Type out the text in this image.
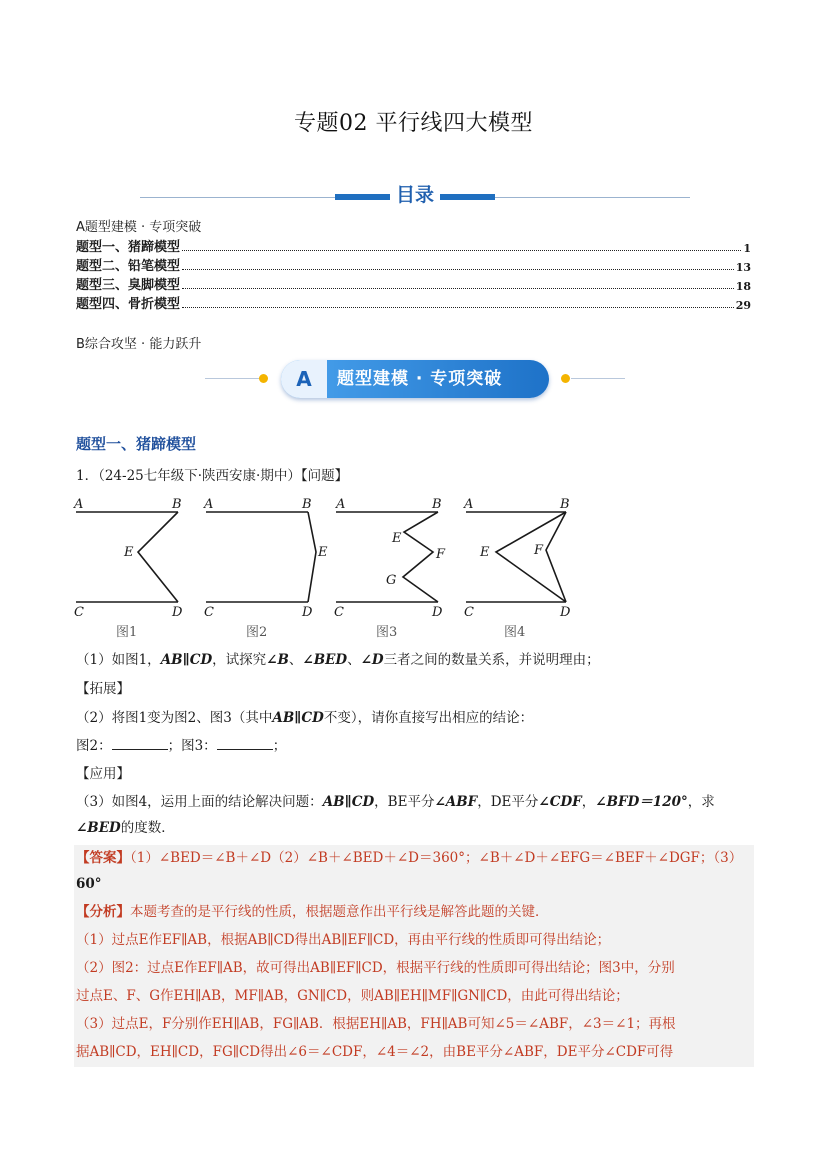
专题02 平行线四大模型
目录
A题型建模 · 专项突破
题型一、猪蹄模型	1
题型二、铅笔模型	13
题型三、臭脚模型	18
题型四、骨折模型	29
B综合攻坚 · 能力跃升
A	题型建模 · 专项突破
题型一、猪蹄模型
1．（24-25七年级下·陕西安康·期中）【问题】
A	B
E
C	D
A	B
E
C	D
A	B
E
F
G
C	D
A	B
E	F
C	D
图1	图2	图3	图4
（1）如图1，AB∥CD，试探究∠B、∠BED、∠D三者之间的数量关系，并说明理由；
【拓展】
（2）将图1变为图2、图3（其中AB∥CD不变），请你直接写出相应的结论：
图2：	；图3：	；
【应用】
（3）如图4，运用上面的结论解决问题：AB∥CD，BE平分∠ABF，DE平分∠CDF，∠BFD＝120°，求
∠BED的度数．
【答案】（1）∠BED＝∠B＋∠D（2）∠B＋∠BED＋∠D＝360°；∠B＋∠D＋∠EFG＝∠BEF＋∠DGF；（3）
60°
【分析】本题考查的是平行线的性质，根据题意作出平行线是解答此题的关键．
（1）过点E作EF∥AB，根据AB∥CD得出AB∥EF∥CD，再由平行线的性质即可得出结论；
（2）图2：过点E作EF∥AB，故可得出AB∥EF∥CD，根据平行线的性质即可得出结论；图3中，分别
过点E、F、G作EH∥AB，MF∥AB，GN∥CD，则AB∥EH∥MF∥GN∥CD，由此可得出结论；
（3）过点E，F分别作EH∥AB，FG∥AB．根据EH∥AB，FH∥AB可知∠5＝∠ABF，∠3＝∠1；再根
据AB∥CD，EH∥CD，FG∥CD得出∠6＝∠CDF，∠4＝∠2，由BE平分∠ABF，DE平分∠CDF可得
